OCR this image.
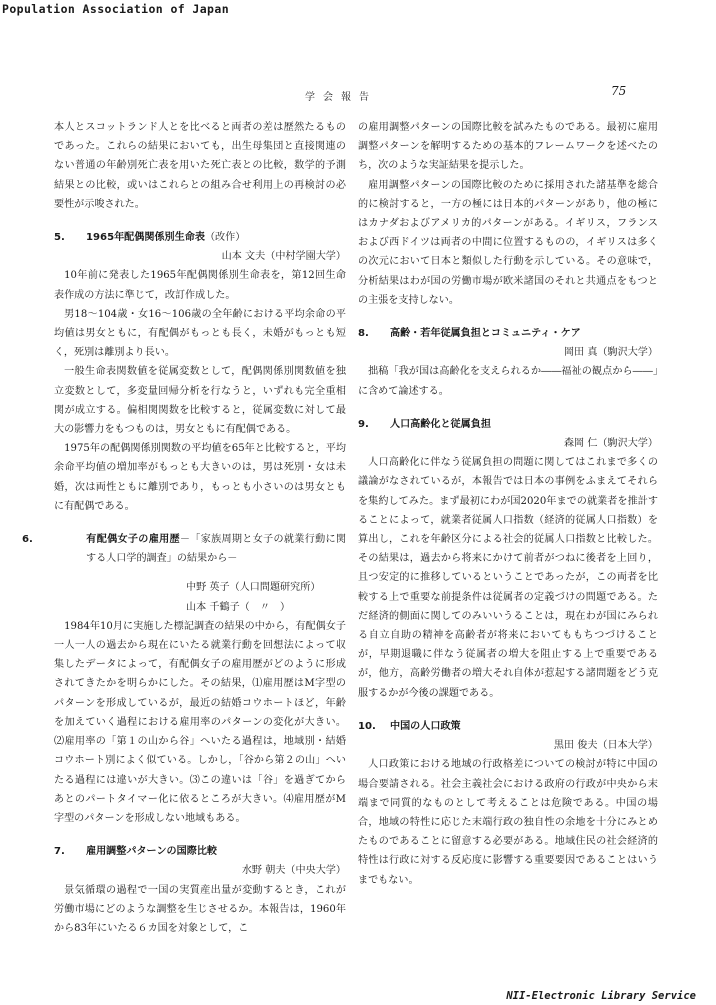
Population Association of Japan
学会報告	75

本人とスコットランド人とを比べると両者の差は歴然たるものであった。これらの結果においても，出生母集団と直接関連のない普通の年齢別死亡表を用いた死亡表との比較，数学的予測結果との比較，或いはこれらとの組み合せ利用上の再検討の必要性が示唆された。

5. 1965年配偶関係別生命表（改作）

山本 文夫（中村学園大学）

10年前に発表した1965年配偶関係別生命表を，第12回生命表作成の方法に準じて，改訂作成した。

男18～104歳・女16～106歳の全年齢における平均余命の平均値は男女ともに，有配偶がもっとも長く，未婚がもっとも短く，死別は離別より長い。

一般生命表関数値を従属変数として，配偶関係別関数値を独立変数として，多変量回帰分析を行なうと，いずれも完全重相関が成立する。偏相関関数を比較すると，従属変数に対して最大の影響力をもつものは，男女ともに有配偶である。

1975年の配偶関係別関数の平均値を65年と比較すると，平均余命平均値の増加率がもっとも大きいのは，男は死別・女は未婚，次は両性ともに離別であり，もっとも小さいのは男女ともに有配偶である。

6.	有配偶女子の雇用歴－「家族周期と女子の就業行動に関する人口学的調査」の結果から－

中野 英子（人口問題研究所）

山本 千鶴子（　〃　）

1984年10月に実施した標記調査の結果の中から，有配偶女子一人一人の過去から現在にいたる就業行動を回想法によって収集したデータによって，有配偶女子の雇用歴がどのように形成されてきたかを明らかにした。その結果，⑴雇用歴はM字型のパターンを形成しているが，最近の結婚コウホートほど，年齢を加えていく過程における雇用率のパターンの変化が大きい。⑵雇用率の「第１の山から谷」へいたる過程は，地域別・結婚コウホート別によく似ている。しかし，「谷から第２の山」へいたる過程には違いが大きい。⑶この違いは「谷」を過ぎてからあとのパートタイマー化に依るところが大きい。⑷雇用歴がM字型のパターンを形成しない地域もある。

7. 雇用調整パターンの国際比較

水野 朝夫（中央大学）

景気循環の過程で一国の実質産出量が変動するとき，これが労働市場にどのような調整を生じさせるか。本報告は，1960年から83年にいたる６カ国を対象として，こ

の雇用調整パターンの国際比較を試みたものである。最初に雇用調整パターンを解明するための基本的フレームワークを述べたのち，次のような実証結果を提示した。

雇用調整パターンの国際比較のために採用された諸基準を総合的に検討すると，一方の極には日本的パターンがあり，他の極にはカナダおよびアメリカ的パターンがある。イギリス，フランスおよび西ドイツは両者の中間に位置するものの，イギリスは多くの次元において日本と類似した行動を示している。その意味で，分析結果はわが国の労働市場が欧米諸国のそれと共通点をもつとの主張を支持しない。

8. 高齢・若年従属負担とコミュニティ・ケア

岡田 真（駒沢大学）

拙稿「我が国は高齢化を支えられるか――福祉の観点から――」に含めて論述する。

9. 人口高齢化と従属負担

森岡 仁（駒沢大学）

人口高齢化に伴なう従属負担の問題に関してはこれまで多くの議論がなされているが，本報告では日本の事例をふまえてそれらを集約してみた。まず最初にわが国2020年までの就業者を推計することによって，就業者従属人口指数（経済的従属人口指数）を算出し，これを年齢区分による社会的従属人口指数と比較した。その結果は，過去から将来にかけて前者がつねに後者を上回り，且つ安定的に推移しているということであったが，この両者を比較する上で重要な前提条件は従属者の定義づけの問題である。ただ経済的側面に関してのみいいうることは，現在わが国にみられる自立自助の精神を高齢者が将来においてももちつづけることが，早期退職に伴なう従属者の増大を阻止する上で重要であるが，他方，高齢労働者の増大それ自体が惹起する諸問題をどう克服するかが今後の課題である。

10. 中国の人口政策

黒田 俊夫（日本大学）

人口政策における地域の行政格差についての検討が特に中国の場合要請される。社会主義社会における政府の行政が中央から末端まで同質的なものとして考えることは危険である。中国の場合，地域の特性に応じた末端行政の独自性の余地を十分にみとめたものであることに留意する必要がある。地域住民の社会経済的特性は行政に対する反応度に影響する重要要因であることはいうまでもない。

NII-Electronic Library Service
